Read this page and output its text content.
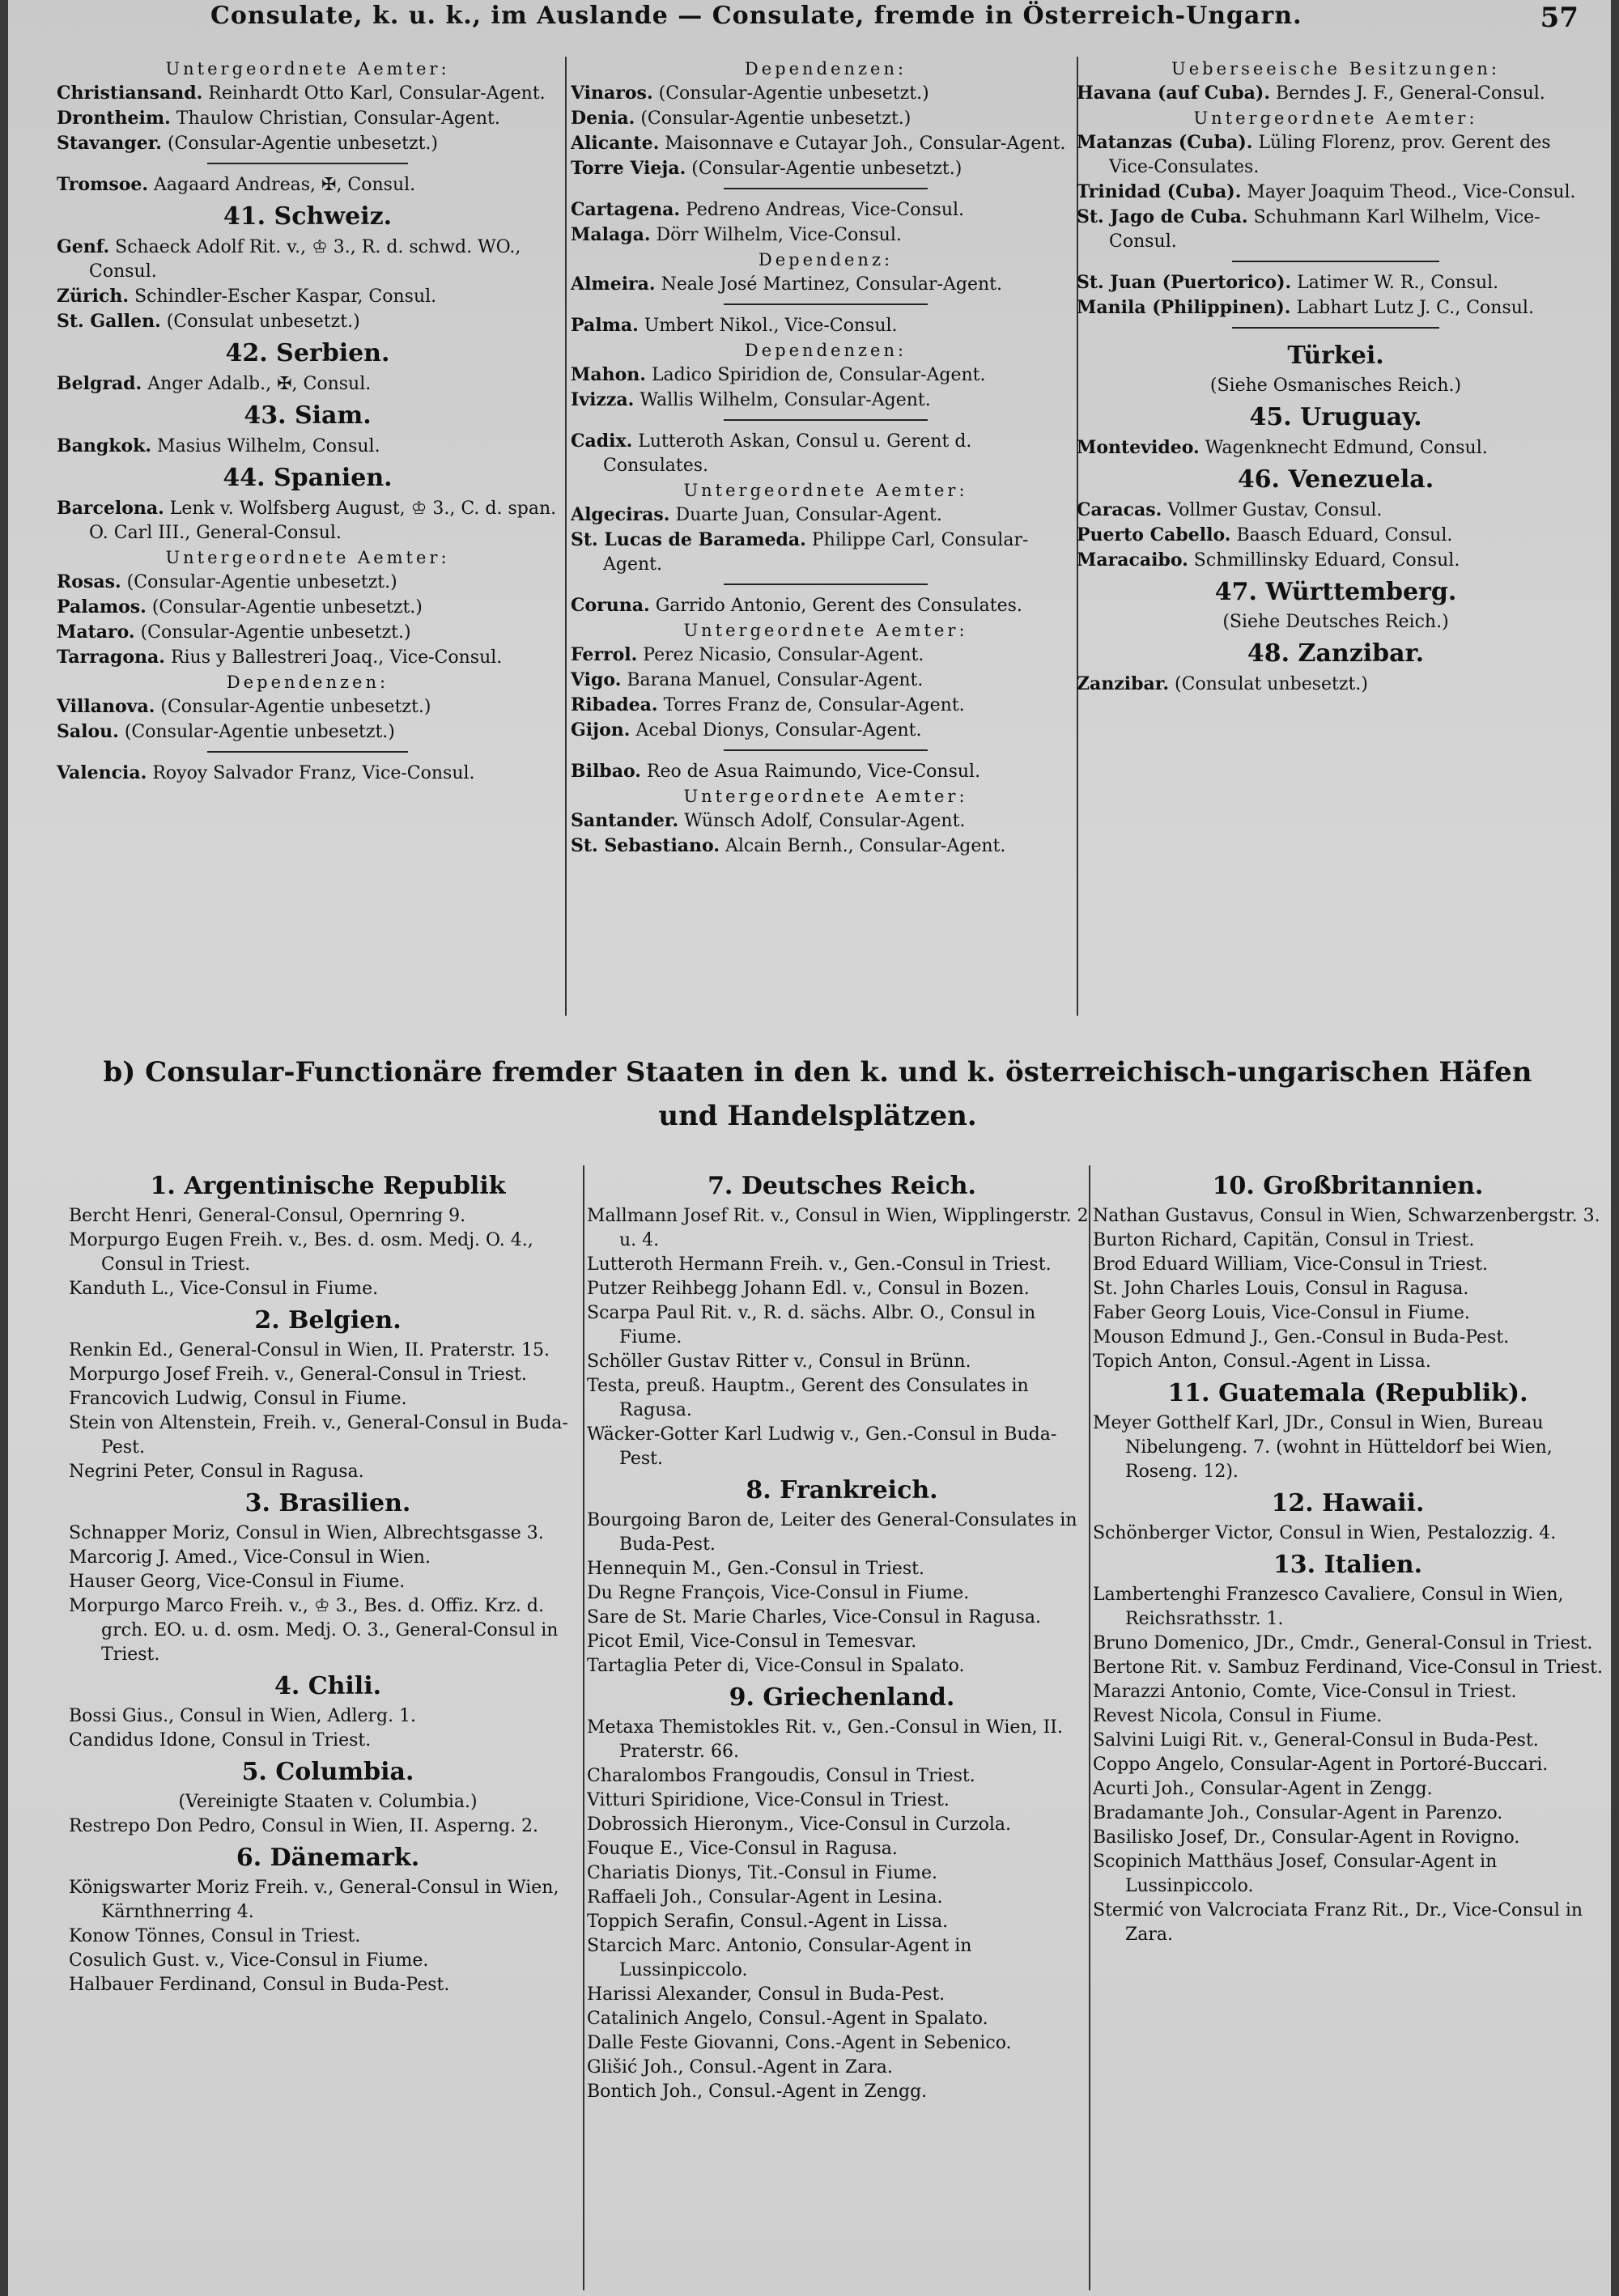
Consulate, k. u. k., im Auslande — Consulate, fremde in Österreich-Ungarn.	57

Untergeordnete Aemter:

Christiansand. Reinhardt Otto Karl, Consular-Agent.

Drontheim. Thaulow Christian, Consular-Agent.

Stavanger. (Consular-Agentie unbesetzt.)

Tromsoe. Aagaard Andreas, ✠, Consul.

41. Schweiz.

Genf. Schaeck Adolf Rit. v., ♔ 3., R. d. schwd. WO., Consul.

Zürich. Schindler-Escher Kaspar, Consul.

St. Gallen. (Consulat unbesetzt.)

42. Serbien.

Belgrad. Anger Adalb., ✠, Consul.

43. Siam.

Bangkok. Masius Wilhelm, Consul.

44. Spanien.

Barcelona. Lenk v. Wolfsberg August, ♔ 3., C. d. span. O. Carl III., General-Consul.

Untergeordnete Aemter:

Rosas. (Consular-Agentie unbesetzt.)

Palamos. (Consular-Agentie unbesetzt.)

Mataro. (Consular-Agentie unbesetzt.)

Tarragona. Rius y Ballestreri Joaq., Vice-Consul.

Dependenzen:

Villanova. (Consular-Agentie unbesetzt.)

Salou. (Consular-Agentie unbesetzt.)

Valencia. Royoy Salvador Franz, Vice-Consul.

Dependenzen:

Vinaros. (Consular-Agentie unbesetzt.)

Denia. (Consular-Agentie unbesetzt.)

Alicante. Maisonnave e Cutayar Joh., Consular-Agent.

Torre Vieja. (Consular-Agentie unbesetzt.)

Cartagena. Pedreno Andreas, Vice-Consul.

Malaga. Dörr Wilhelm, Vice-Consul.

Dependenz:

Almeira. Neale José Martinez, Consular-Agent.

Palma. Umbert Nikol., Vice-Consul.

Dependenzen:

Mahon. Ladico Spiridion de, Consular-Agent.

Ivizza. Wallis Wilhelm, Consular-Agent.

Cadix. Lutteroth Askan, Consul u. Gerent d. Consulates.

Untergeordnete Aemter:

Algeciras. Duarte Juan, Consular-Agent.

St. Lucas de Barameda. Philippe Carl, Consular-Agent.

Coruna. Garrido Antonio, Gerent des Consulates.

Untergeordnete Aemter:

Ferrol. Perez Nicasio, Consular-Agent.

Vigo. Barana Manuel, Consular-Agent.

Ribadea. Torres Franz de, Consular-Agent.

Gijon. Acebal Dionys, Consular-Agent.

Bilbao. Reo de Asua Raimundo, Vice-Consul.

Untergeordnete Aemter:

Santander. Wünsch Adolf, Consular-Agent.

St. Sebastiano. Alcain Bernh., Consular-Agent.

Ueberseeische Besitzungen:

Havana (auf Cuba). Berndes J. F., General-Consul.

Untergeordnete Aemter:

Matanzas (Cuba). Lüling Florenz, prov. Gerent des Vice-Consulates.

Trinidad (Cuba). Mayer Joaquim Theod., Vice-Consul.

St. Jago de Cuba. Schuhmann Karl Wilhelm, Vice-Consul.

St. Juan (Puertorico). Latimer W. R., Consul.

Manila (Philippinen). Labhart Lutz J. C., Consul.

Türkei.

(Siehe Osmanisches Reich.)

45. Uruguay.

Montevideo. Wagenknecht Edmund, Consul.

46. Venezuela.

Caracas. Vollmer Gustav, Consul.

Puerto Cabello. Baasch Eduard, Consul.

Maracaibo. Schmillinsky Eduard, Consul.

47. Württemberg.

(Siehe Deutsches Reich.)

48. Zanzibar.

Zanzibar. (Consulat unbesetzt.)

b) Consular-Functionäre fremder Staaten in den k. und k. österreichisch-ungarischen Häfen
und Handelsplätzen.

1. Argentinische Republik

Bercht Henri, General-Consul, Opernring 9.

Morpurgo Eugen Freih. v., Bes. d. osm. Medj. O. 4., Consul in Triest.

Kanduth L., Vice-Consul in Fiume.

2. Belgien.

Renkin Ed., General-Consul in Wien, II. Praterstr. 15.

Morpurgo Josef Freih. v., General-Consul in Triest.

Francovich Ludwig, Consul in Fiume.

Stein von Altenstein, Freih. v., General-Consul in Buda-Pest.

Negrini Peter, Consul in Ragusa.

3. Brasilien.

Schnapper Moriz, Consul in Wien, Albrechtsgasse 3.

Marcorig J. Amed., Vice-Consul in Wien.

Hauser Georg, Vice-Consul in Fiume.

Morpurgo Marco Freih. v., ♔ 3., Bes. d. Offiz. Krz. d. grch. EO. u. d. osm. Medj. O. 3., General-Consul in Triest.

4. Chili.

Bossi Gius., Consul in Wien, Adlerg. 1.

Candidus Idone, Consul in Triest.

5. Columbia.

(Vereinigte Staaten v. Columbia.)

Restrepo Don Pedro, Consul in Wien, II. Asperng. 2.

6. Dänemark.

Königswarter Moriz Freih. v., General-Consul in Wien, Kärnthnerring 4.

Konow Tönnes, Consul in Triest.

Cosulich Gust. v., Vice-Consul in Fiume.

Halbauer Ferdinand, Consul in Buda-Pest.

7. Deutsches Reich.

Mallmann Josef Rit. v., Consul in Wien, Wipplingerstr. 2 u. 4.

Lutteroth Hermann Freih. v., Gen.-Consul in Triest.

Putzer Reihbegg Johann Edl. v., Consul in Bozen.

Scarpa Paul Rit. v., R. d. sächs. Albr. O., Consul in Fiume.

Schöller Gustav Ritter v., Consul in Brünn.

Testa, preuß. Hauptm., Gerent des Consulates in Ragusa.

Wäcker-Gotter Karl Ludwig v., Gen.-Consul in Buda-Pest.

8. Frankreich.

Bourgoing Baron de, Leiter des General-Consulates in Buda-Pest.

Hennequin M., Gen.-Consul in Triest.

Du Regne François, Vice-Consul in Fiume.

Sare de St. Marie Charles, Vice-Consul in Ragusa.

Picot Emil, Vice-Consul in Temesvar.

Tartaglia Peter di, Vice-Consul in Spalato.

9. Griechenland.

Metaxa Themistokles Rit. v., Gen.-Consul in Wien, II. Praterstr. 66.

Charalombos Frangoudis, Consul in Triest.

Vitturi Spiridione, Vice-Consul in Triest.

Dobrossich Hieronym., Vice-Consul in Curzola.

Fouque E., Vice-Consul in Ragusa.

Chariatis Dionys, Tit.-Consul in Fiume.

Raffaeli Joh., Consular-Agent in Lesina.

Toppich Serafin, Consul.-Agent in Lissa.

Starcich Marc. Antonio, Consular-Agent in Lussinpiccolo.

Harissi Alexander, Consul in Buda-Pest.

Catalinich Angelo, Consul.-Agent in Spalato.

Dalle Feste Giovanni, Cons.-Agent in Sebenico.

Glišić Joh., Consul.-Agent in Zara.

Bontich Joh., Consul.-Agent in Zengg.

10. Großbritannien.

Nathan Gustavus, Consul in Wien, Schwarzenbergstr. 3.

Burton Richard, Capitän, Consul in Triest.

Brod Eduard William, Vice-Consul in Triest.

St. John Charles Louis, Consul in Ragusa.

Faber Georg Louis, Vice-Consul in Fiume.

Mouson Edmund J., Gen.-Consul in Buda-Pest.

Topich Anton, Consul.-Agent in Lissa.

11. Guatemala (Republik).

Meyer Gotthelf Karl, JDr., Consul in Wien, Bureau Nibelungeng. 7. (wohnt in Hütteldorf bei Wien, Roseng. 12).

12. Hawaii.

Schönberger Victor, Consul in Wien, Pestalozzig. 4.

13. Italien.

Lambertenghi Franzesco Cavaliere, Consul in Wien, Reichsrathsstr. 1.

Bruno Domenico, JDr., Cmdr., General-Consul in Triest.

Bertone Rit. v. Sambuz Ferdinand, Vice-Consul in Triest.

Marazzi Antonio, Comte, Vice-Consul in Triest.

Revest Nicola, Consul in Fiume.

Salvini Luigi Rit. v., General-Consul in Buda-Pest.

Coppo Angelo, Consular-Agent in Portoré-Buccari.

Acurti Joh., Consular-Agent in Zengg.

Bradamante Joh., Consular-Agent in Parenzo.

Basilisko Josef, Dr., Consular-Agent in Rovigno.

Scopinich Matthäus Josef, Consular-Agent in Lussinpiccolo.

Stermić von Valcrociata Franz Rit., Dr., Vice-Consul in Zara.
